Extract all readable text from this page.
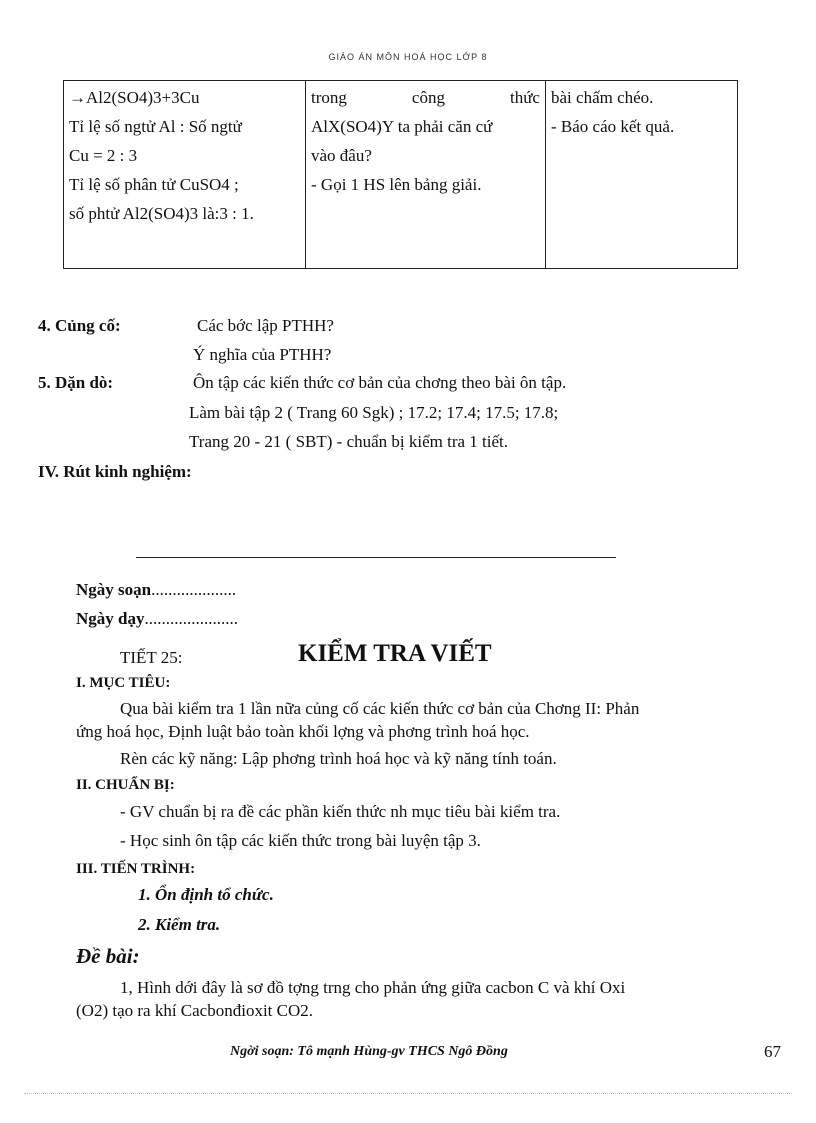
GIÁO ÁN MÔN HOÁ HỌC LỚP 8
→Al2(SO4)3+3Cu
Tỉ lệ số ngtử Al : Số ngtử
Cu = 2 : 3
Tỉ lệ số phân tử CuSO4 ;
số phtử Al2(SO4)3 là:3 : 1.

trong	công	thức
AlX(SO4)Y ta phải căn cứ
vào đâu?
- Gọi 1 HS lên bảng giải.

bài chấm chéo.
- Báo cáo kết quả.
4. Củng cố:	Các bớc lập PTHH?
Ý nghĩa của PTHH?
5. Dặn dò:	Ôn tập các kiến thức cơ bản của chơng theo bài ôn tập.
Làm bài tập 2 ( Trang 60 Sgk) ; 17.2; 17.4; 17.5; 17.8;
Trang 20 - 21 ( SBT) - chuẩn bị kiểm tra 1 tiết.
IV. Rút kinh nghiệm:
Ngày soạn....................
Ngày dạy......................
TIẾT 25:	KIỂM TRA VIẾT
I. MỤC TIÊU:
Qua bài kiểm tra 1 lần nữa củng cố các kiến thức cơ bản của Chơng II: Phản
ứng hoá học, Định luật bảo toàn khối lợng và phơng trình hoá học.
Rèn các kỹ năng: Lập phơng trình hoá học và kỹ năng tính toán.
II. CHUẨN BỊ:
- GV chuẩn bị ra đề các phần kiến thức nh mục tiêu bài kiểm tra.
- Học sinh ôn tập các kiến thức trong bài luyện tập 3.
III. TIẾN TRÌNH:
1. Ổn định tổ chức.
2. Kiểm tra.
Đề bài:
1, Hình dới đây là sơ đồ tợng trng cho phản ứng giữa cacbon C và khí Oxi
(O2) tạo ra khí Cacbonđioxit CO2.
Ngời soạn: Tô mạnh Hùng-gv THCS Ngô Đồng	67
